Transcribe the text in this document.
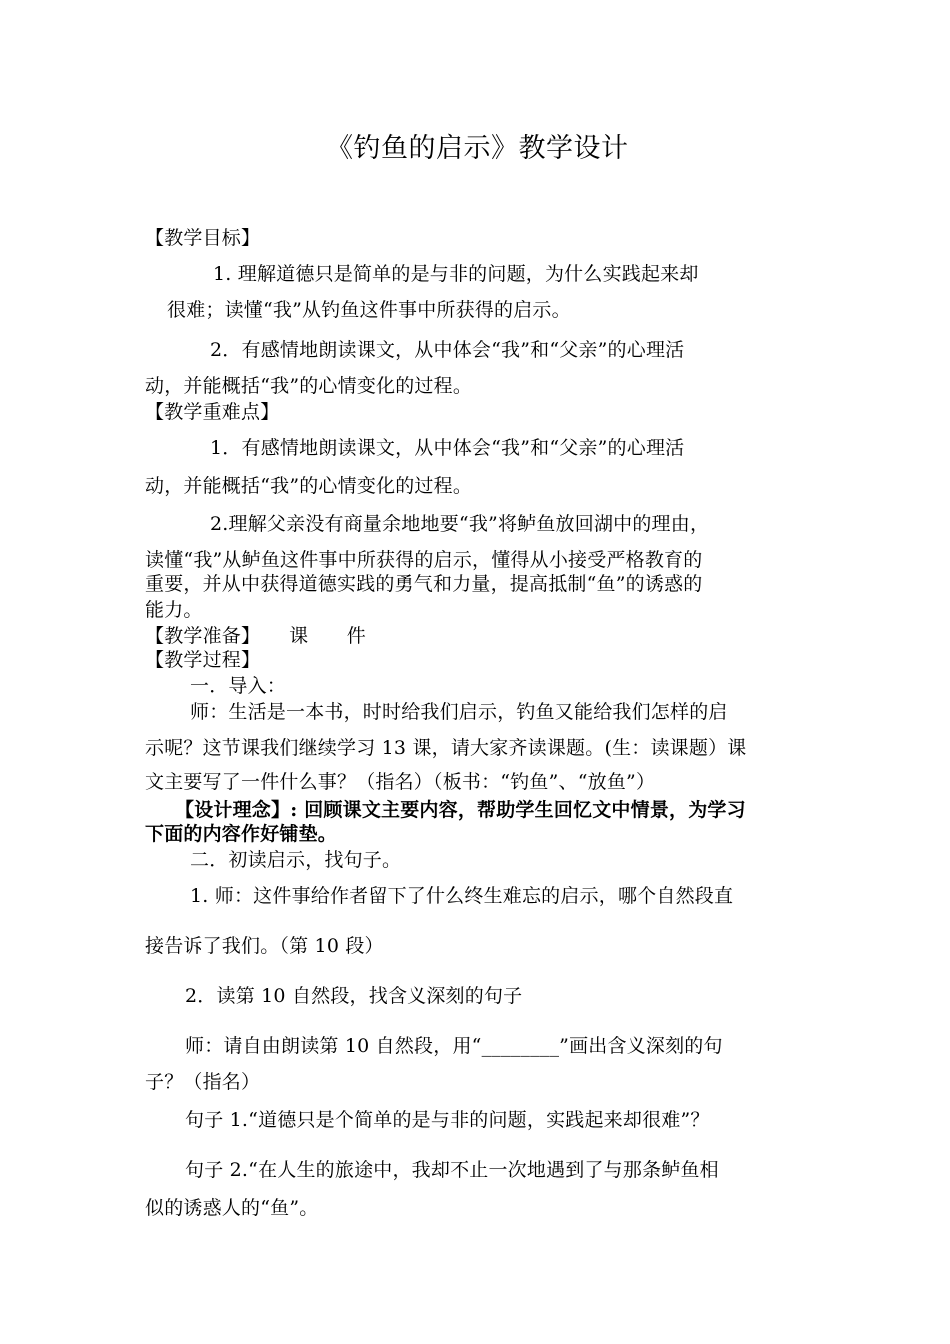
《钓鱼的启示》教学设计
【教学目标】
1. 理解道德只是简单的是与非的问题，为什么实践起来却
很难；读懂“我”从钓鱼这件事中所获得的启示。
2．有感情地朗读课文，从中体会“我”和“父亲”的心理活
动，并能概括“我”的心情变化的过程。
【教学重难点】
1．有感情地朗读课文，从中体会“我”和“父亲”的心理活
动，并能概括“我”的心情变化的过程。
2.理解父亲没有商量余地地要“我”将鲈鱼放回湖中的理由，
读懂“我”从鲈鱼这件事中所获得的启示，懂得从小接受严格教育的
重要，并从中获得道德实践的勇气和力量，提高抵制“鱼”的诱惑的
能力。
【教学准备】　　课　　件
【教学过程】
一．导入：
师：生活是一本书，时时给我们启示，钓鱼又能给我们怎样的启
示呢？这节课我们继续学习 13 课，请大家齐读课题。(生：读课题）课
文主要写了一件什么事？（指名）（板书：“钓鱼”、“放鱼”）
【设计理念】: 回顾课文主要内容，帮助学生回忆文中情景，为学习
下面的内容作好铺垫。
二．初读启示，找句子。
1. 师：这件事给作者留下了什么终生难忘的启示，哪个自然段直
接告诉了我们。（第 10 段）
2．读第 10 自然段，找含义深刻的句子
师：请自由朗读第 10 自然段，用“________”画出含义深刻的句
子？（指名）
句子 1.“道德只是个简单的是与非的问题，实践起来却很难”？
句子 2.“在人生的旅途中，我却不止一次地遇到了与那条鲈鱼相
似的诱惑人的“鱼”。
